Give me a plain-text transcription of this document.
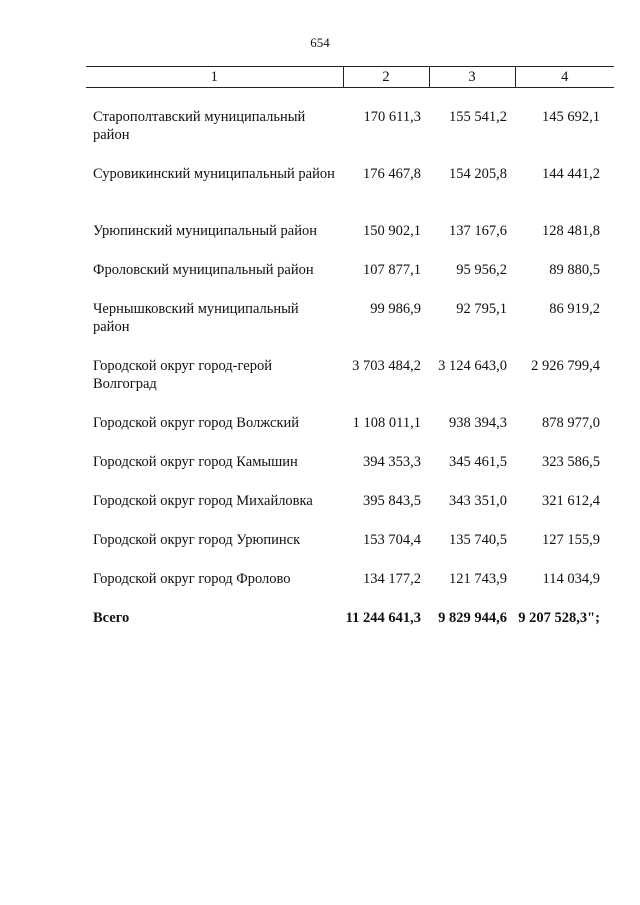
654
1	2	3	4

Старополтавский муниципальный район	170 611,3	155 541,2	145 692,1
Суровикинский муниципальный район	176 467,8	154 205,8	144 441,2
Урюпинский муниципальный район	150 902,1	137 167,6	128 481,8
Фроловский муниципальный район	107 877,1	95 956,2	89 880,5
Чернышковский муниципальный район	99 986,9	92 795,1	86 919,2
Городской округ город-герой Волгоград	3 703 484,2	3 124 643,0	2 926 799,4
Городской округ город Волжский	1 108 011,1	938 394,3	878 977,0
Городской округ город Камышин	394 353,3	345 461,5	323 586,5
Городской округ город Михайловка	395 843,5	343 351,0	321 612,4
Городской округ город Урюпинск	153 704,4	135 740,5	127 155,9
Городской округ город Фролово	134 177,2	121 743,9	114 034,9
Всего	11 244 641,3	9 829 944,6	9 207 528,3";
